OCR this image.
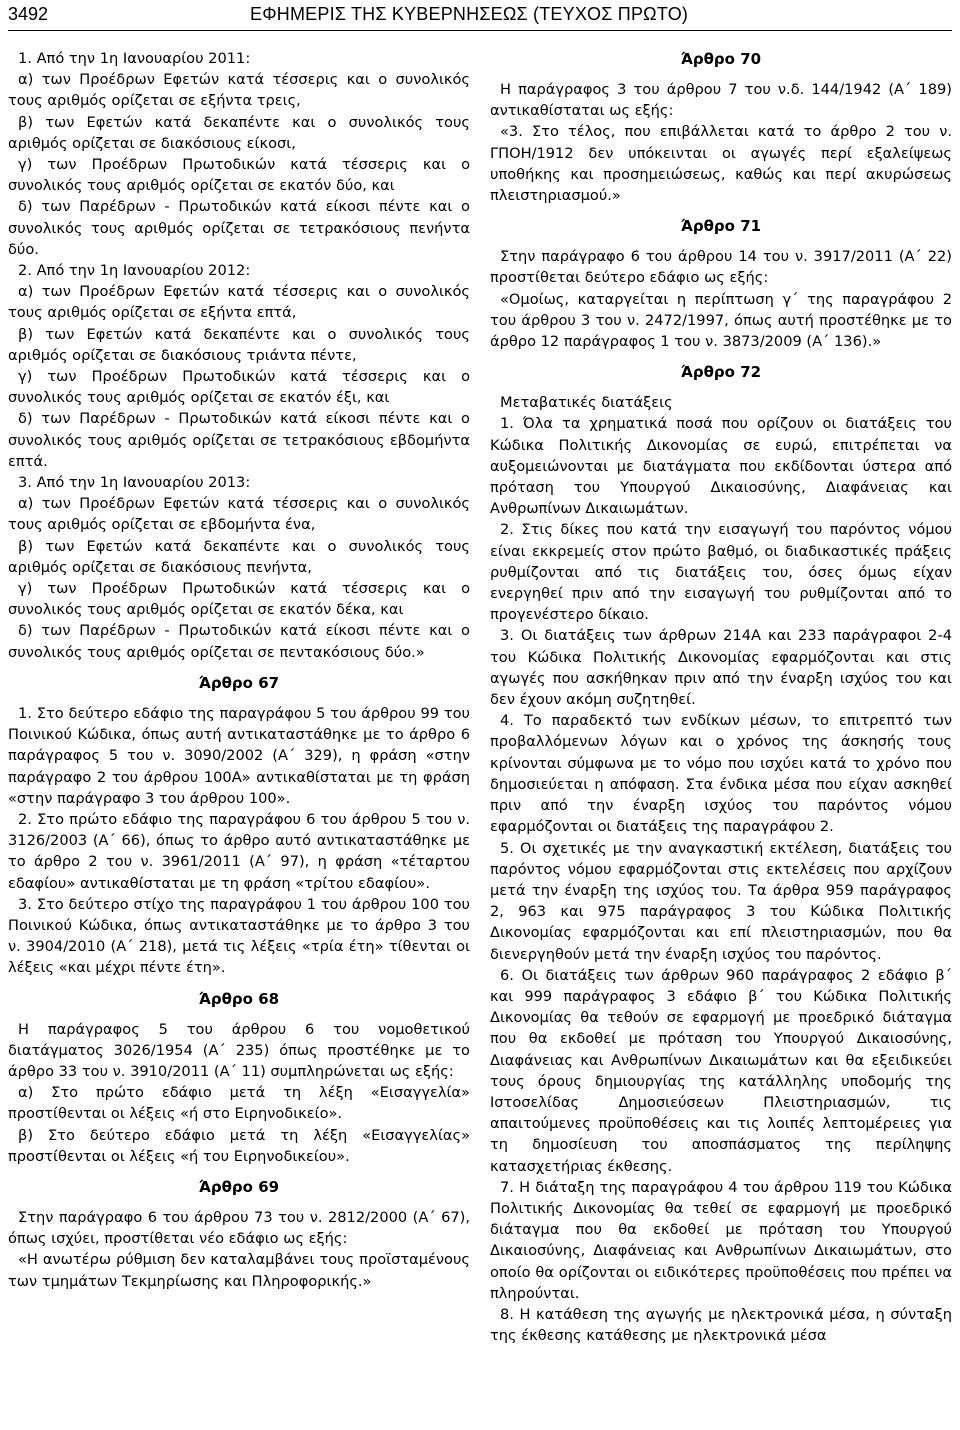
3492	ΕΦΗΜΕΡΙΣ ΤΗΣ ΚΥΒΕΡΝΗΣΕΩΣ (ΤΕΥΧΟΣ ΠΡΩΤΟ)

1. Από την 1η Ιανουαρίου 2011:

α) των Προέδρων Εφετών κατά τέσσερις και ο συνολικός τους αριθμός ορίζεται σε εξήντα τρεις,

β) των Εφετών κατά δεκαπέντε και ο συνολικός τους αριθμός ορίζεται σε διακόσιους είκοσι,

γ) των Προέδρων Πρωτοδικών κατά τέσσερις και ο συνολικός τους αριθμός ορίζεται σε εκατόν δύο, και

δ) των Παρέδρων - Πρωτοδικών κατά είκοσι πέντε και ο συνολικός τους αριθμός ορίζεται σε τετρακόσιους πενήντα δύο.

2. Από την 1η Ιανουαρίου 2012:

α) των Προέδρων Εφετών κατά τέσσερις και ο συνολικός τους αριθμός ορίζεται σε εξήντα επτά,

β) των Εφετών κατά δεκαπέντε και ο συνολικός τους αριθμός ορίζεται σε διακόσιους τριάντα πέντε,

γ) των Προέδρων Πρωτοδικών κατά τέσσερις και ο συνολικός τους αριθμός ορίζεται σε εκατόν έξι, και

δ) των Παρέδρων - Πρωτοδικών κατά είκοσι πέντε και ο συνολικός τους αριθμός ορίζεται σε τετρακόσιους εβδομήντα επτά.

3. Από την 1η Ιανουαρίου 2013:

α) των Προέδρων Εφετών κατά τέσσερις και ο συνολικός τους αριθμός ορίζεται σε εβδομήντα ένα,

β) των Εφετών κατά δεκαπέντε και ο συνολικός τους αριθμός ορίζεται σε διακόσιους πενήντα,

γ) των Προέδρων Πρωτοδικών κατά τέσσερις και ο συνολικός τους αριθμός ορίζεται σε εκατόν δέκα, και

δ) των Παρέδρων - Πρωτοδικών κατά είκοσι πέντε και ο συνολικός τους αριθμός ορίζεται σε πεντακόσιους δύο.»

Άρθρο 67

1. Στο δεύτερο εδάφιο της παραγράφου 5 του άρθρου 99 του Ποινικού Κώδικα, όπως αυτή αντικαταστάθηκε με το άρθρο 6 παράγραφος 5 του ν. 3090/2002 (Α΄ 329), η φράση «στην παράγραφο 2 του άρθρου 100Α» αντικαθίσταται με τη φράση «στην παράγραφο 3 του άρθρου 100».

2. Στο πρώτο εδάφιο της παραγράφου 6 του άρθρου 5 του ν. 3126/2003 (Α΄ 66), όπως το άρθρο αυτό αντικαταστάθηκε με το άρθρο 2 του ν. 3961/2011 (Α΄ 97), η φράση «τέταρτου εδαφίου» αντικαθίσταται με τη φράση «τρίτου εδαφίου».

3. Στο δεύτερο στίχο της παραγράφου 1 του άρθρου 100 του Ποινικού Κώδικα, όπως αντικαταστάθηκε με το άρθρο 3 του ν. 3904/2010 (Α΄ 218), μετά τις λέξεις «τρία έτη» τίθενται οι λέξεις «και μέχρι πέντε έτη».

Άρθρο 68

Η παράγραφος 5 του άρθρου 6 του νομοθετικού διατάγματος 3026/1954 (Α΄ 235) όπως προστέθηκε με το άρθρο 33 του ν. 3910/2011 (Α΄ 11) συμπληρώνεται ως εξής:

α) Στο πρώτο εδάφιο μετά τη λέξη «Εισαγγελία» προστίθενται οι λέξεις «ή στο Ειρηνοδικείο».

β) Στο δεύτερο εδάφιο μετά τη λέξη «Εισαγγελίας» προστίθενται οι λέξεις «ή του Ειρηνοδικείου».

Άρθρο 69

Στην παράγραφο 6 του άρθρου 73 του ν. 2812/2000 (Α΄ 67), όπως ισχύει, προστίθεται νέο εδάφιο ως εξής:

«Η ανωτέρω ρύθμιση δεν καταλαμβάνει τους προϊσταμένους των τμημάτων Τεκμηρίωσης και Πληροφορικής.»

Άρθρο 70

Η παράγραφος 3 του άρθρου 7 του ν.δ. 144/1942 (Α΄ 189) αντικαθίσταται ως εξής:

«3. Στο τέλος, που επιβάλλεται κατά το άρθρο 2 του ν. ΓΠΟΗ/1912 δεν υπόκεινται οι αγωγές περί εξαλείψεως υποθήκης και προσημειώσεως, καθώς και περί ακυρώσεως πλειστηριασμού.»

Άρθρο 71

Στην παράγραφο 6 του άρθρου 14 του ν. 3917/2011 (Α΄ 22) προστίθεται δεύτερο εδάφιο ως εξής:

«Ομοίως, καταργείται η περίπτωση γ΄ της παραγράφου 2 του άρθρου 3 του ν. 2472/1997, όπως αυτή προστέθηκε με το άρθρο 12 παράγραφος 1 του ν. 3873/2009 (Α΄ 136).»

Άρθρο 72

Μεταβατικές διατάξεις

1. Όλα τα χρηματικά ποσά που ορίζουν οι διατάξεις του Κώδικα Πολιτικής Δικονομίας σε ευρώ, επιτρέπεται να αυξομειώνονται με διατάγματα που εκδίδονται ύστερα από πρόταση του Υπουργού Δικαιοσύνης, Διαφάνειας και Ανθρωπίνων Δικαιωμάτων.

2. Στις δίκες που κατά την εισαγωγή του παρόντος νόμου είναι εκκρεμείς στον πρώτο βαθμό, οι διαδικαστικές πράξεις ρυθμίζονται από τις διατάξεις του, όσες όμως είχαν ενεργηθεί πριν από την εισαγωγή του ρυθμίζονται από το προγενέστερο δίκαιο.

3. Οι διατάξεις των άρθρων 214Α και 233 παράγραφοι 2-4 του Κώδικα Πολιτικής Δικονομίας εφαρμόζονται και στις αγωγές που ασκήθηκαν πριν από την έναρξη ισχύος του και δεν έχουν ακόμη συζητηθεί.

4. Το παραδεκτό των ενδίκων μέσων, το επιτρεπτό των προβαλλόμενων λόγων και ο χρόνος της άσκησής τους κρίνονται σύμφωνα με το νόμο που ισχύει κατά το χρόνο που δημοσιεύεται η απόφαση. Στα ένδικα μέσα που είχαν ασκηθεί πριν από την έναρξη ισχύος του παρόντος νόμου εφαρμόζονται οι διατάξεις της παραγράφου 2.

5. Οι σχετικές με την αναγκαστική εκτέλεση, διατάξεις του παρόντος νόμου εφαρμόζονται στις εκτελέσεις που αρχίζουν μετά την έναρξη της ισχύος του. Τα άρθρα 959 παράγραφος 2, 963 και 975 παράγραφος 3 του Κώδικα Πολιτικής Δικονομίας εφαρμόζονται και επί πλειστηριασμών, που θα διενεργηθούν μετά την έναρξη ισχύος του παρόντος.

6. Οι διατάξεις των άρθρων 960 παράγραφος 2 εδάφιο β΄ και 999 παράγραφος 3 εδάφιο β΄ του Κώδικα Πολιτικής Δικονομίας θα τεθούν σε εφαρμογή με προεδρικό διάταγμα που θα εκδοθεί με πρόταση του Υπουργού Δικαιοσύνης, Διαφάνειας και Ανθρωπίνων Δικαιωμάτων και θα εξειδικεύει τους όρους δημιουργίας της κατάλληλης υποδομής της Ιστοσελίδας Δημοσιεύσεων Πλειστηριασμών, τις απαιτούμενες προϋποθέσεις και τις λοιπές λεπτομέρειες για τη δημοσίευση του αποσπάσματος της περίληψης κατασχετήριας έκθεσης.

7. Η διάταξη της παραγράφου 4 του άρθρου 119 του Κώδικα Πολιτικής Δικονομίας θα τεθεί σε εφαρμογή με προεδρικό διάταγμα που θα εκδοθεί με πρόταση του Υπουργού Δικαιοσύνης, Διαφάνειας και Ανθρωπίνων Δικαιωμάτων, στο οποίο θα ορίζονται οι ειδικότερες προϋποθέσεις που πρέπει να πληρούνται.

8. Η κατάθεση της αγωγής με ηλεκτρονικά μέσα, η σύνταξη της έκθεσης κατάθεσης με ηλεκτρονικά μέσα
